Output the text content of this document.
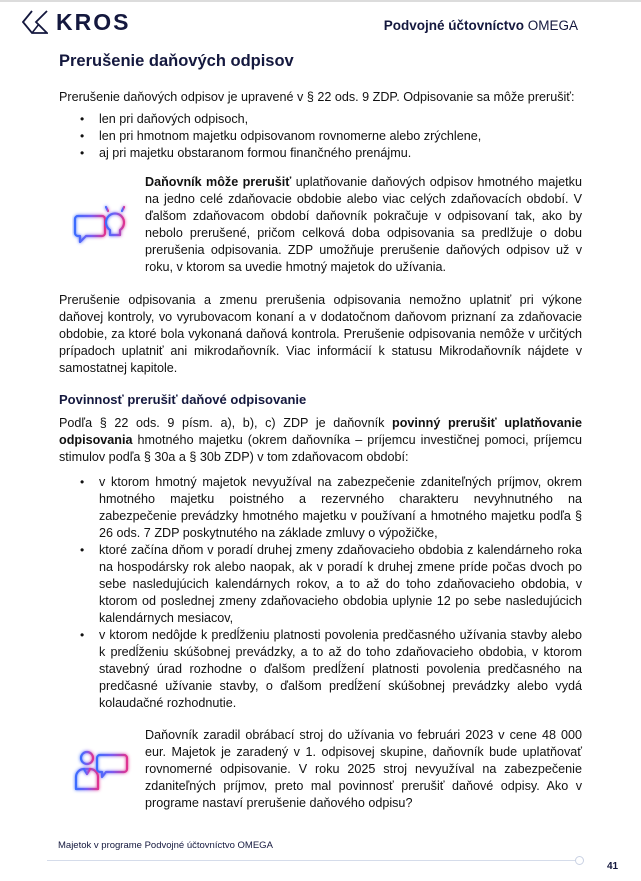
KROS	Podvojné účtovníctvo OMEGA
Prerušenie daňových odpisov

Prerušenie daňových odpisov je upravené v § 22 ods. 9 ZDP. Odpisovanie sa môže prerušiť:

• len pri daňových odpisoch,
• len pri hmotnom majetku odpisovanom rovnomerne alebo zrýchlene,
• aj pri majetku obstaranom formou finančného prenájmu.
Daňovník môže prerušiť uplatňovanie daňových odpisov hmotného majetku na jedno celé zdaňovacie obdobie alebo viac celých zdaňovacích období. V ďalšom zdaňovacom období daňovník pokračuje v odpisovaní tak, ako by nebolo prerušené, pričom celková doba odpisovania sa predlžuje o dobu prerušenia odpisovania. ZDP umožňuje prerušenie daňových odpisov už v roku, v ktorom sa uvedie hmotný majetok do užívania.

Prerušenie odpisovania a zmenu prerušenia odpisovania nemožno uplatniť pri výkone daňovej kontroly, vo vyrubovacom konaní a v dodatočnom daňovom priznaní za zdaňovacie obdobie, za ktoré bola vykonaná daňová kontrola. Prerušenie odpisovania nemôže v určitých prípadoch uplatniť ani mikrodaňovník. Viac informácií k statusu Mikrodaňovník nájdete v samostatnej kapitole.

Povinnosť prerušiť daňové odpisovanie

Podľa § 22 ods. 9 písm. a), b), c) ZDP je daňovník povinný prerušiť uplatňovanie odpisovania hmotného majetku (okrem daňovníka – príjemcu investičnej pomoci, príjemcu stimulov podľa § 30a a § 30b ZDP) v tom zdaňovacom období:

• v ktorom hmotný majetok nevyužíval na zabezpečenie zdaniteľných príjmov, okrem hmotného majetku poistného a rezervného charakteru nevyhnutného na zabezpečenie prevádzky hmotného majetku v používaní a hmotného majetku podľa § 26 ods. 7 ZDP poskytnutého na základe zmluvy o výpožičke,
• ktoré začína dňom v poradí druhej zmeny zdaňovacieho obdobia z kalendárneho roka na hospodársky rok alebo naopak, ak v poradí k druhej zmene príde počas dvoch po sebe nasledujúcich kalendárnych rokov, a to až do toho zdaňovacieho obdobia, v ktorom od poslednej zmeny zdaňovacieho obdobia uplynie 12 po sebe nasledujúcich kalendárnych mesiacov,
• v ktorom nedôjde k predĺženiu platnosti povolenia predčasného užívania stavby alebo k predĺženiu skúšobnej prevádzky, a to až do toho zdaňovacieho obdobia, v ktorom stavebný úrad rozhodne o ďalšom predĺžení platnosti povolenia predčasného na predčasné užívanie stavby, o ďalšom predĺžení skúšobnej prevádzky alebo vydá kolaudačné rozhodnutie.
Daňovník zaradil obrábací stroj do užívania vo februári 2023 v cene 48 000 eur. Majetok je zaradený v 1. odpisovej skupine, daňovník bude uplatňovať rovnomerné odpisovanie. V roku 2025 stroj nevyužíval na zabezpečenie zdaniteľných príjmov, preto mal povinnosť prerušiť daňové odpisy. Ako v programe nastaví prerušenie daňového odpisu?
Majetok v programe Podvojné účtovníctvo OMEGA
41
